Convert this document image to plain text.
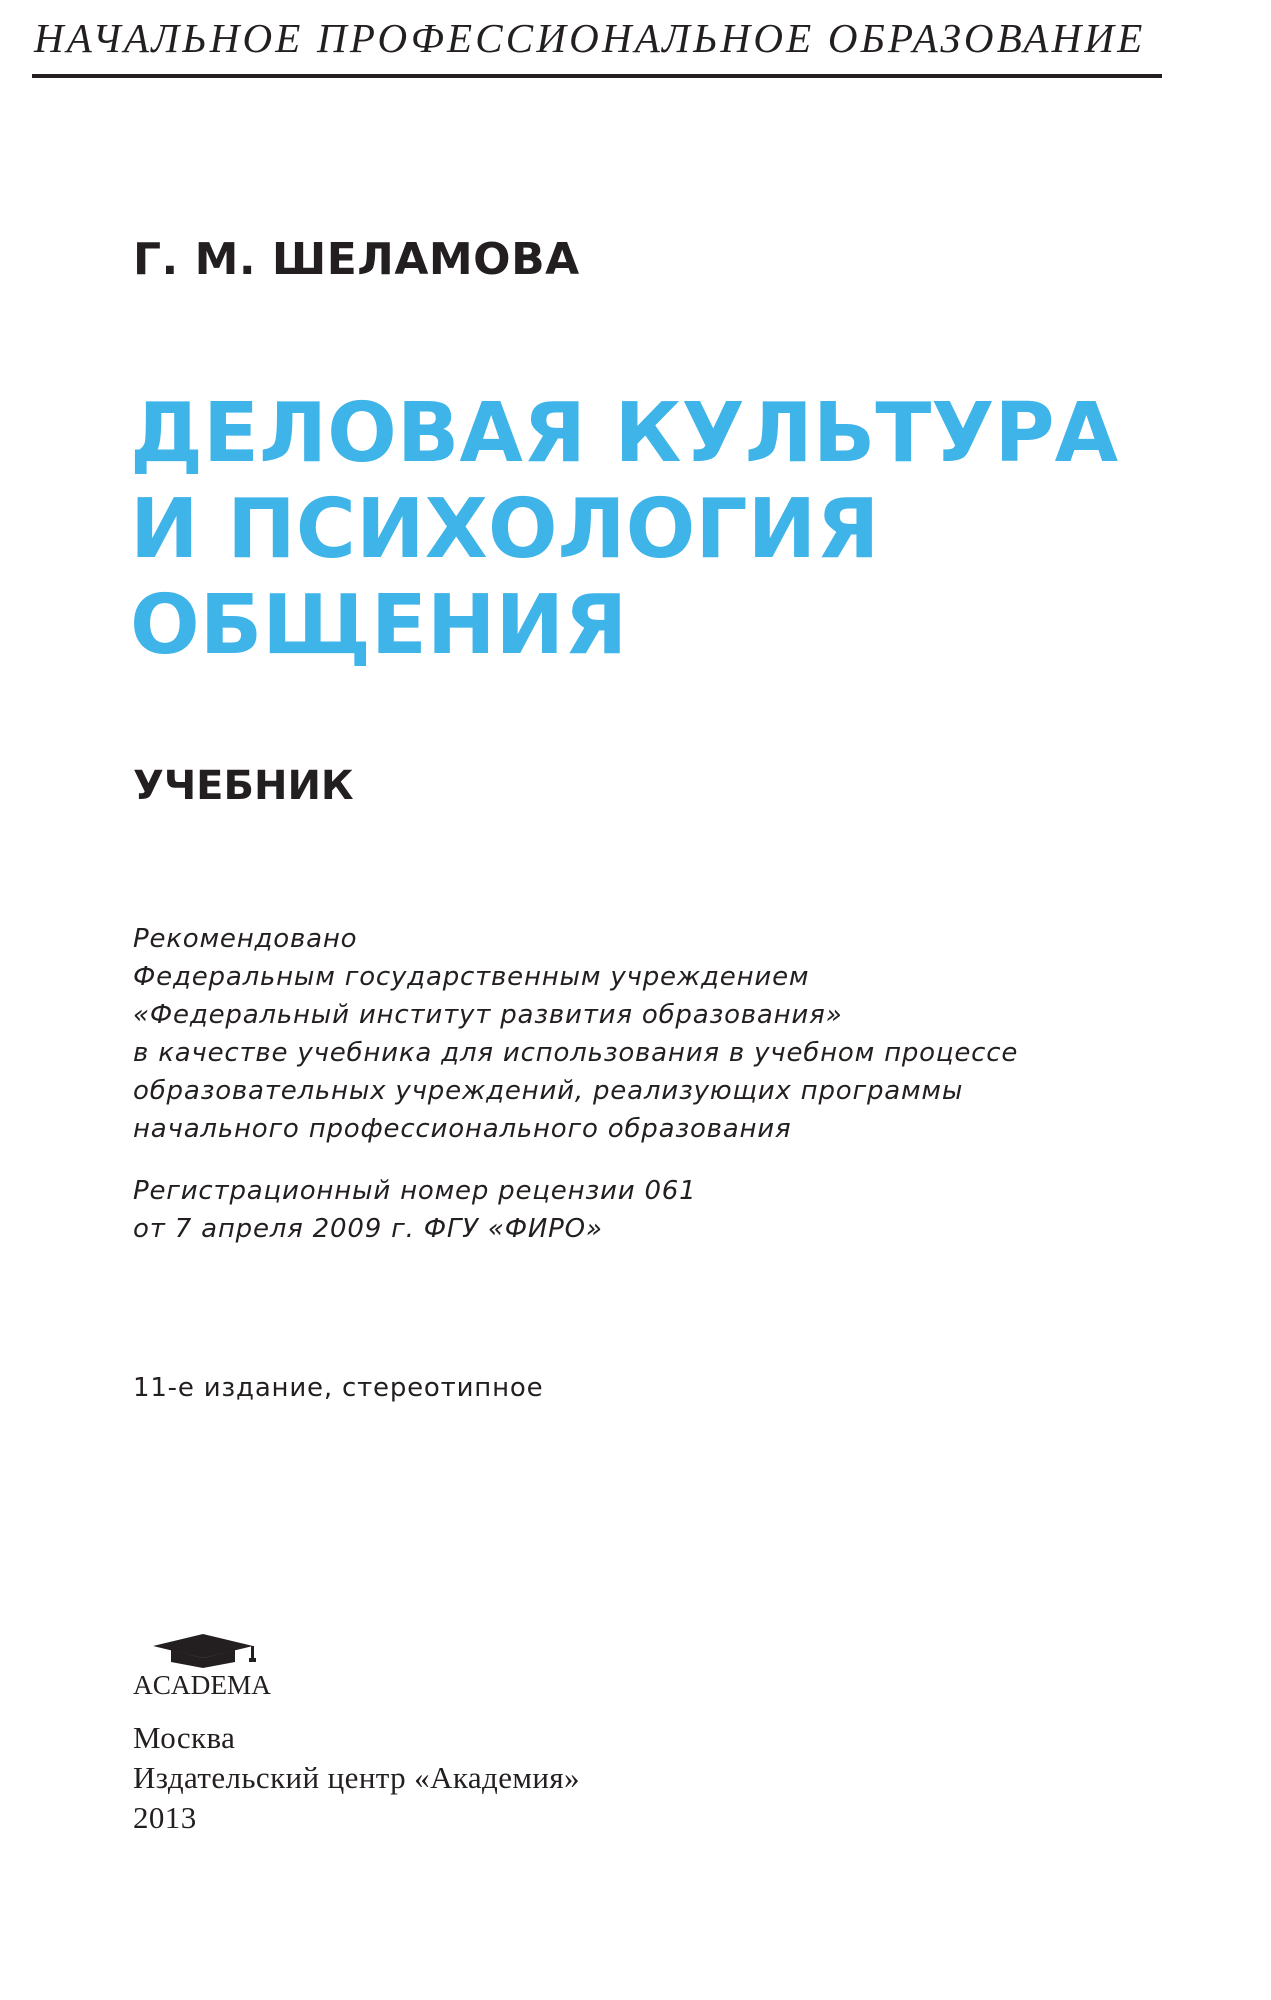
НАЧАЛЬНОЕ ПРОФЕССИОНАЛЬНОЕ ОБРАЗОВАНИЕ
Г. М. ШЕЛАМОВА
ДЕЛОВАЯ КУЛЬТУРА
И ПСИХОЛОГИЯ
ОБЩЕНИЯ
УЧЕБНИК
Рекомендовано
Федеральным государственным учреждением
«Федеральный институт развития образования»
в качестве учебника для использования в учебном процессе
образовательных учреждений, реализующих программы
начального профессионального образования
Регистрационный номер рецензии 061
от 7 апреля 2009 г. ФГУ «ФИРО»
11-е издание, стереотипное
ACADEMA
Москва
Издательский центр «Академия»
2013
